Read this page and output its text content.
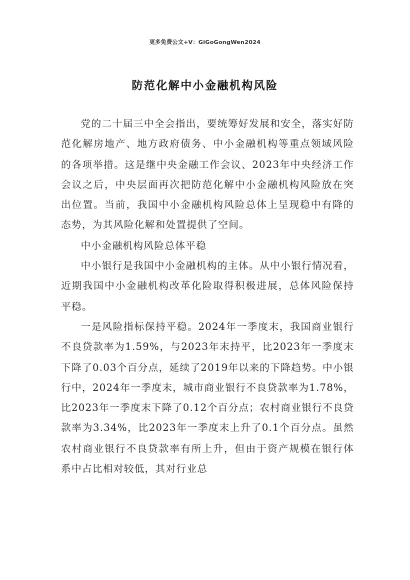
更多免费公文+V：GiGoGongWen2024
防范化解中小金融机构风险

党的二十届三中全会指出，要统筹好发展和安全，落实好防范化解房地产、地方政府债务、中小金融机构等重点领域风险的各项举措。这是继中央金融工作会议、2023年中央经济工作会议之后，中央层面再次把防范化解中小金融机构风险放在突出位置。当前，我国中小金融机构风险总体上呈现稳中有降的态势，为其风险化解和处置提供了空间。

中小金融机构风险总体平稳

中小银行是我国中小金融机构的主体。从中小银行情况看，近期我国中小金融机构改革化险取得积极进展，总体风险保持平稳。

一是风险指标保持平稳。2024年一季度末，我国商业银行不良贷款率为1.59%，与2023年末持平，比2023年一季度末下降了0.03个百分点，延续了2019年以来的下降趋势。中小银行中，2024年一季度末，城市商业银行不良贷款率为1.78%，比2023年一季度末下降了0.12个百分点；农村商业银行不良贷款率为3.34%，比2023年一季度末上升了0.1个百分点。虽然农村商业银行不良贷款率有所上升，但由于资产规模在银行体系中占比相对较低，其对行业总
